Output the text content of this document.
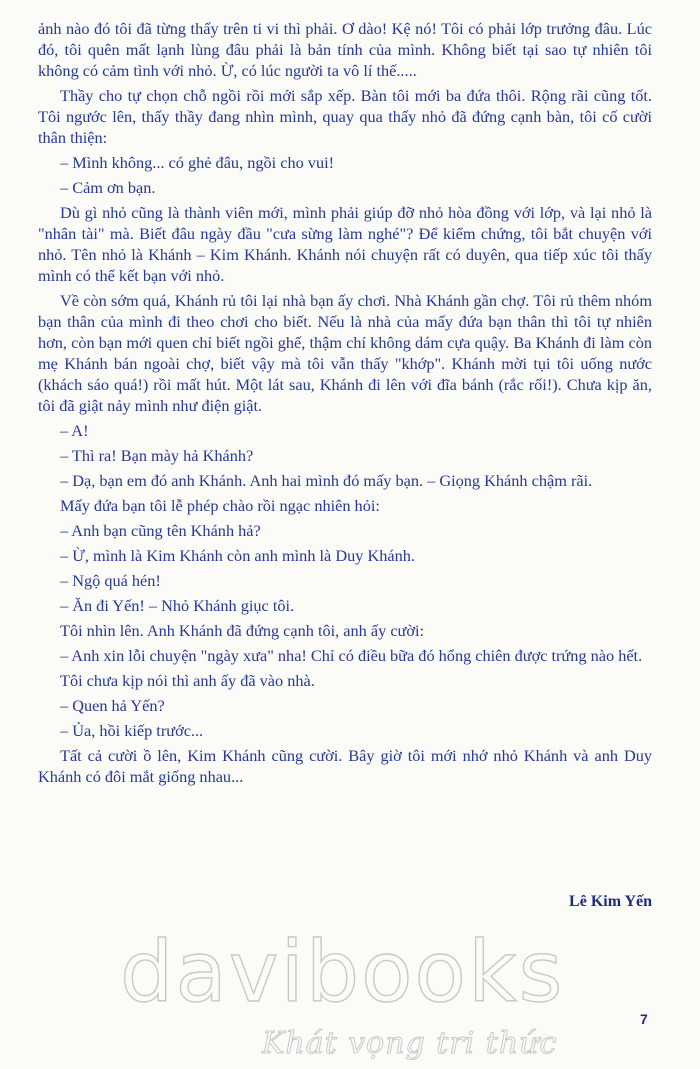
ảnh nào đó tôi đã từng thấy trên ti vi thì phải. Ơ dào! Kệ nó! Tôi có phải lớp trưởng đâu. Lúc đó, tôi quên mất lạnh lùng đâu phải là bản tính của mình. Không biết tại sao tự nhiên tôi không có cảm tình với nhỏ. Ừ, có lúc người ta vô lí thế.....

Thầy cho tự chọn chỗ ngồi rồi mới sắp xếp. Bàn tôi mới ba đứa thôi. Rộng rãi cũng tốt. Tôi ngước lên, thấy thầy đang nhìn mình, quay qua thấy nhỏ đã đứng cạnh bàn, tôi cố cười thân thiện:

– Mình không... có ghẻ đâu, ngồi cho vui!

– Cảm ơn bạn.

Dù gì nhỏ cũng là thành viên mới, mình phải giúp đỡ nhỏ hòa đồng với lớp, và lại nhỏ là "nhân tài" mà. Biết đâu ngày đầu "cưa sừng làm nghé"? Để kiểm chứng, tôi bắt chuyện với nhỏ. Tên nhỏ là Khánh – Kim Khánh. Khánh nói chuyện rất có duyên, qua tiếp xúc tôi thấy mình có thể kết bạn với nhỏ.

Về còn sớm quá, Khánh rủ tôi lại nhà bạn ấy chơi. Nhà Khánh gần chợ. Tôi rủ thêm nhóm bạn thân của mình đi theo chơi cho biết. Nếu là nhà của mấy đứa bạn thân thì tôi tự nhiên hơn, còn bạn mới quen chỉ biết ngồi ghế, thậm chí không dám cựa quậy. Ba Khánh đi làm còn mẹ Khánh bán ngoài chợ, biết vậy mà tôi vẫn thấy "khớp". Khánh mời tụi tôi uống nước (khách sáo quá!) rồi mất hút. Một lát sau, Khánh đi lên với đĩa bánh (rắc rối!). Chưa kịp ăn, tôi đã giật nảy mình như điện giật.

– A!

– Thì ra! Bạn mày hả Khánh?

– Dạ, bạn em đó anh Khánh. Anh hai mình đó mấy bạn. – Giọng Khánh chậm rãi.

Mấy đứa bạn tôi lễ phép chào rồi ngạc nhiên hỏi:

– Anh bạn cũng tên Khánh hả?

– Ừ, mình là Kim Khánh còn anh mình là Duy Khánh.

– Ngộ quá hén!

– Ăn đi Yến! – Nhỏ Khánh giục tôi.

Tôi nhìn lên. Anh Khánh đã đứng cạnh tôi, anh ấy cười:

– Anh xin lỗi chuyện "ngày xưa" nha! Chỉ có điều bữa đó hổng chiên được trứng nào hết.

Tôi chưa kịp nói thì anh ấy đã vào nhà.

– Quen hả Yến?

– Ủa, hồi kiếp trước...

Tất cả cười ồ lên, Kim Khánh cũng cười. Bây giờ tôi mới nhớ nhỏ Khánh và anh Duy Khánh có đôi mắt giống nhau...

Lê Kim Yến
davibooks
Khát vọng tri thức
7
